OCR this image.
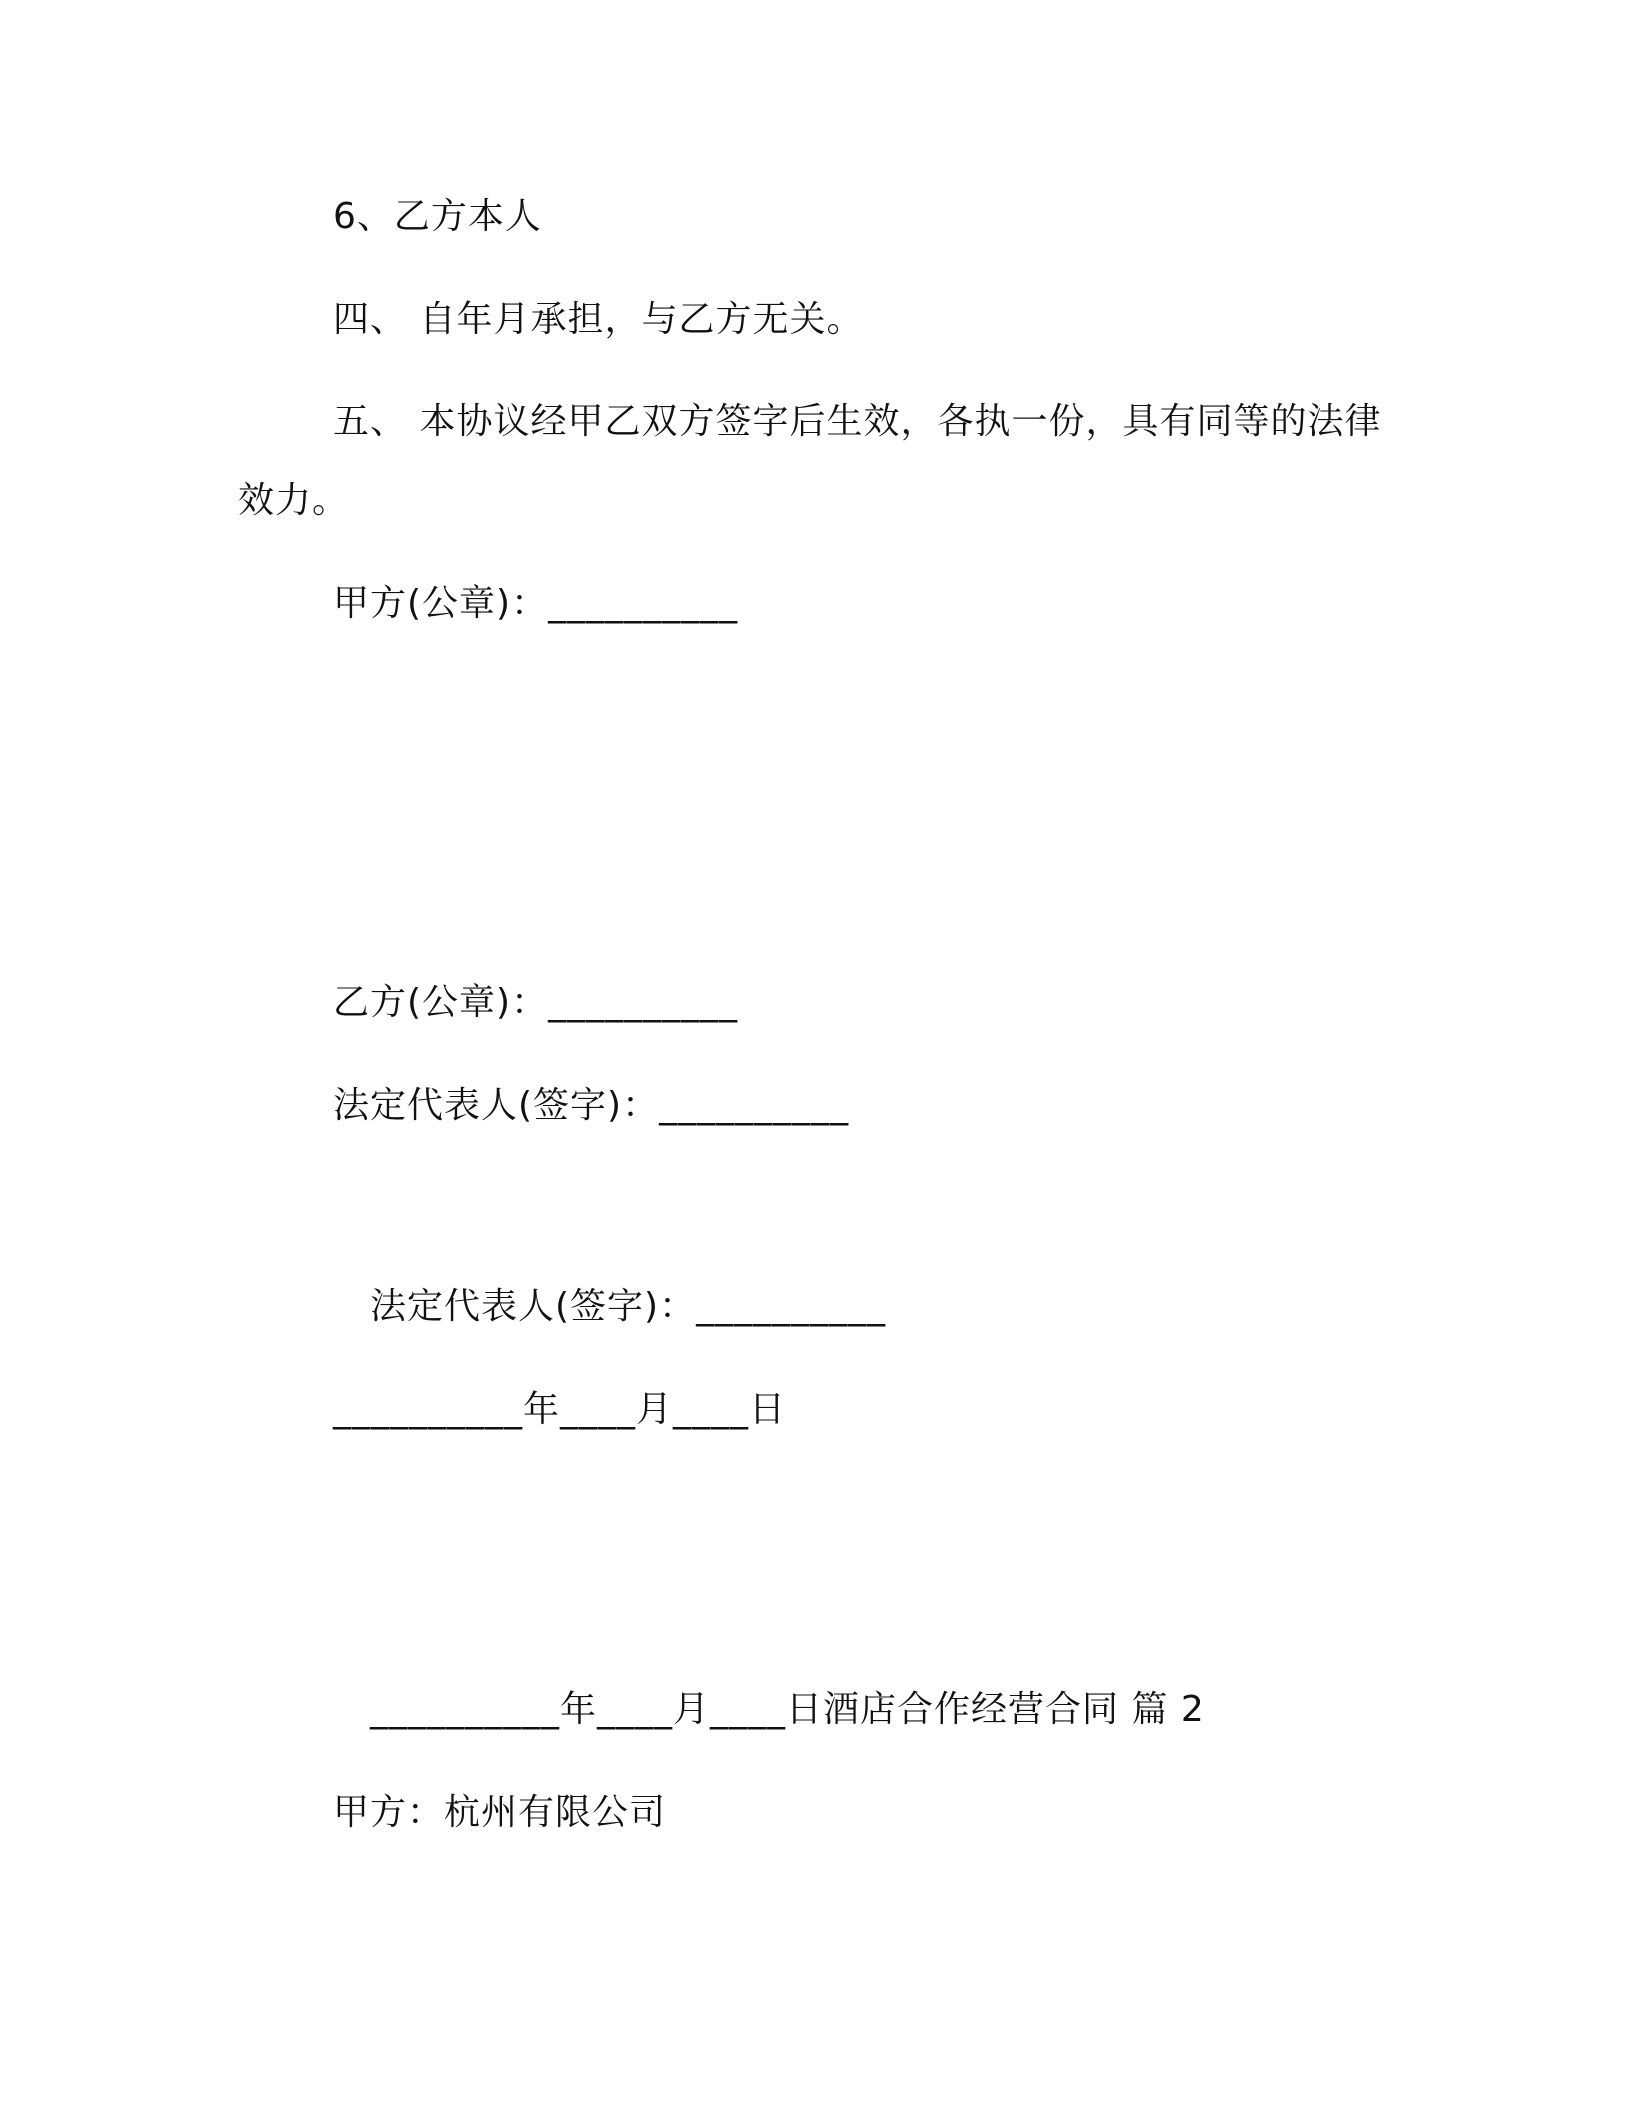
6、乙方本人
四、 自年月承担，与乙方无关。
五、 本协议经甲乙双方签字后生效，各执一份，具有同等的法律
效力。
甲方(公章)：__________
乙方(公章)：__________
法定代表人(签字)：__________
法定代表人(签字)：__________
__________年____月____日
__________年____月____日酒店合作经营合同 篇 2
甲方：杭州有限公司
